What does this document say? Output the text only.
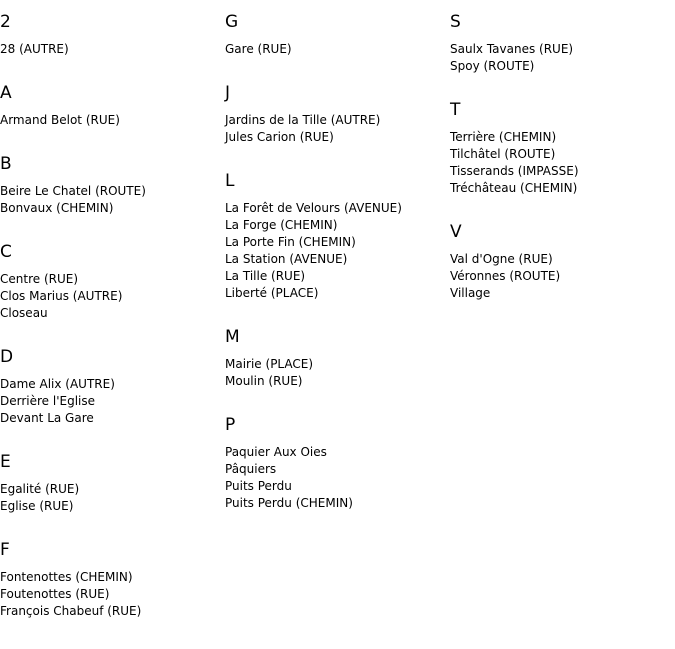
2
28 (AUTRE)
A
Armand Belot (RUE)
B
Beire Le Chatel (ROUTE)
Bonvaux (CHEMIN)
C
Centre (RUE)
Clos Marius (AUTRE)
Closeau
D
Dame Alix (AUTRE)
Derrière l'Eglise
Devant La Gare
E
Egalité (RUE)
Eglise (RUE)
F
Fontenottes (CHEMIN)
Foutenottes (RUE)
François Chabeuf (RUE)
G
Gare (RUE)
J
Jardins de la Tille (AUTRE)
Jules Carion (RUE)
L
La Forêt de Velours (AVENUE)
La Forge (CHEMIN)
La Porte Fin (CHEMIN)
La Station (AVENUE)
La Tille (RUE)
Liberté (PLACE)
M
Mairie (PLACE)
Moulin (RUE)
P
Paquier Aux Oies
Pâquiers
Puits Perdu
Puits Perdu (CHEMIN)
S
Saulx Tavanes (RUE)
Spoy (ROUTE)
T
Terrière (CHEMIN)
Tilchâtel (ROUTE)
Tisserands (IMPASSE)
Tréchâteau (CHEMIN)
V
Val d'Ogne (RUE)
Véronnes (ROUTE)
Village
